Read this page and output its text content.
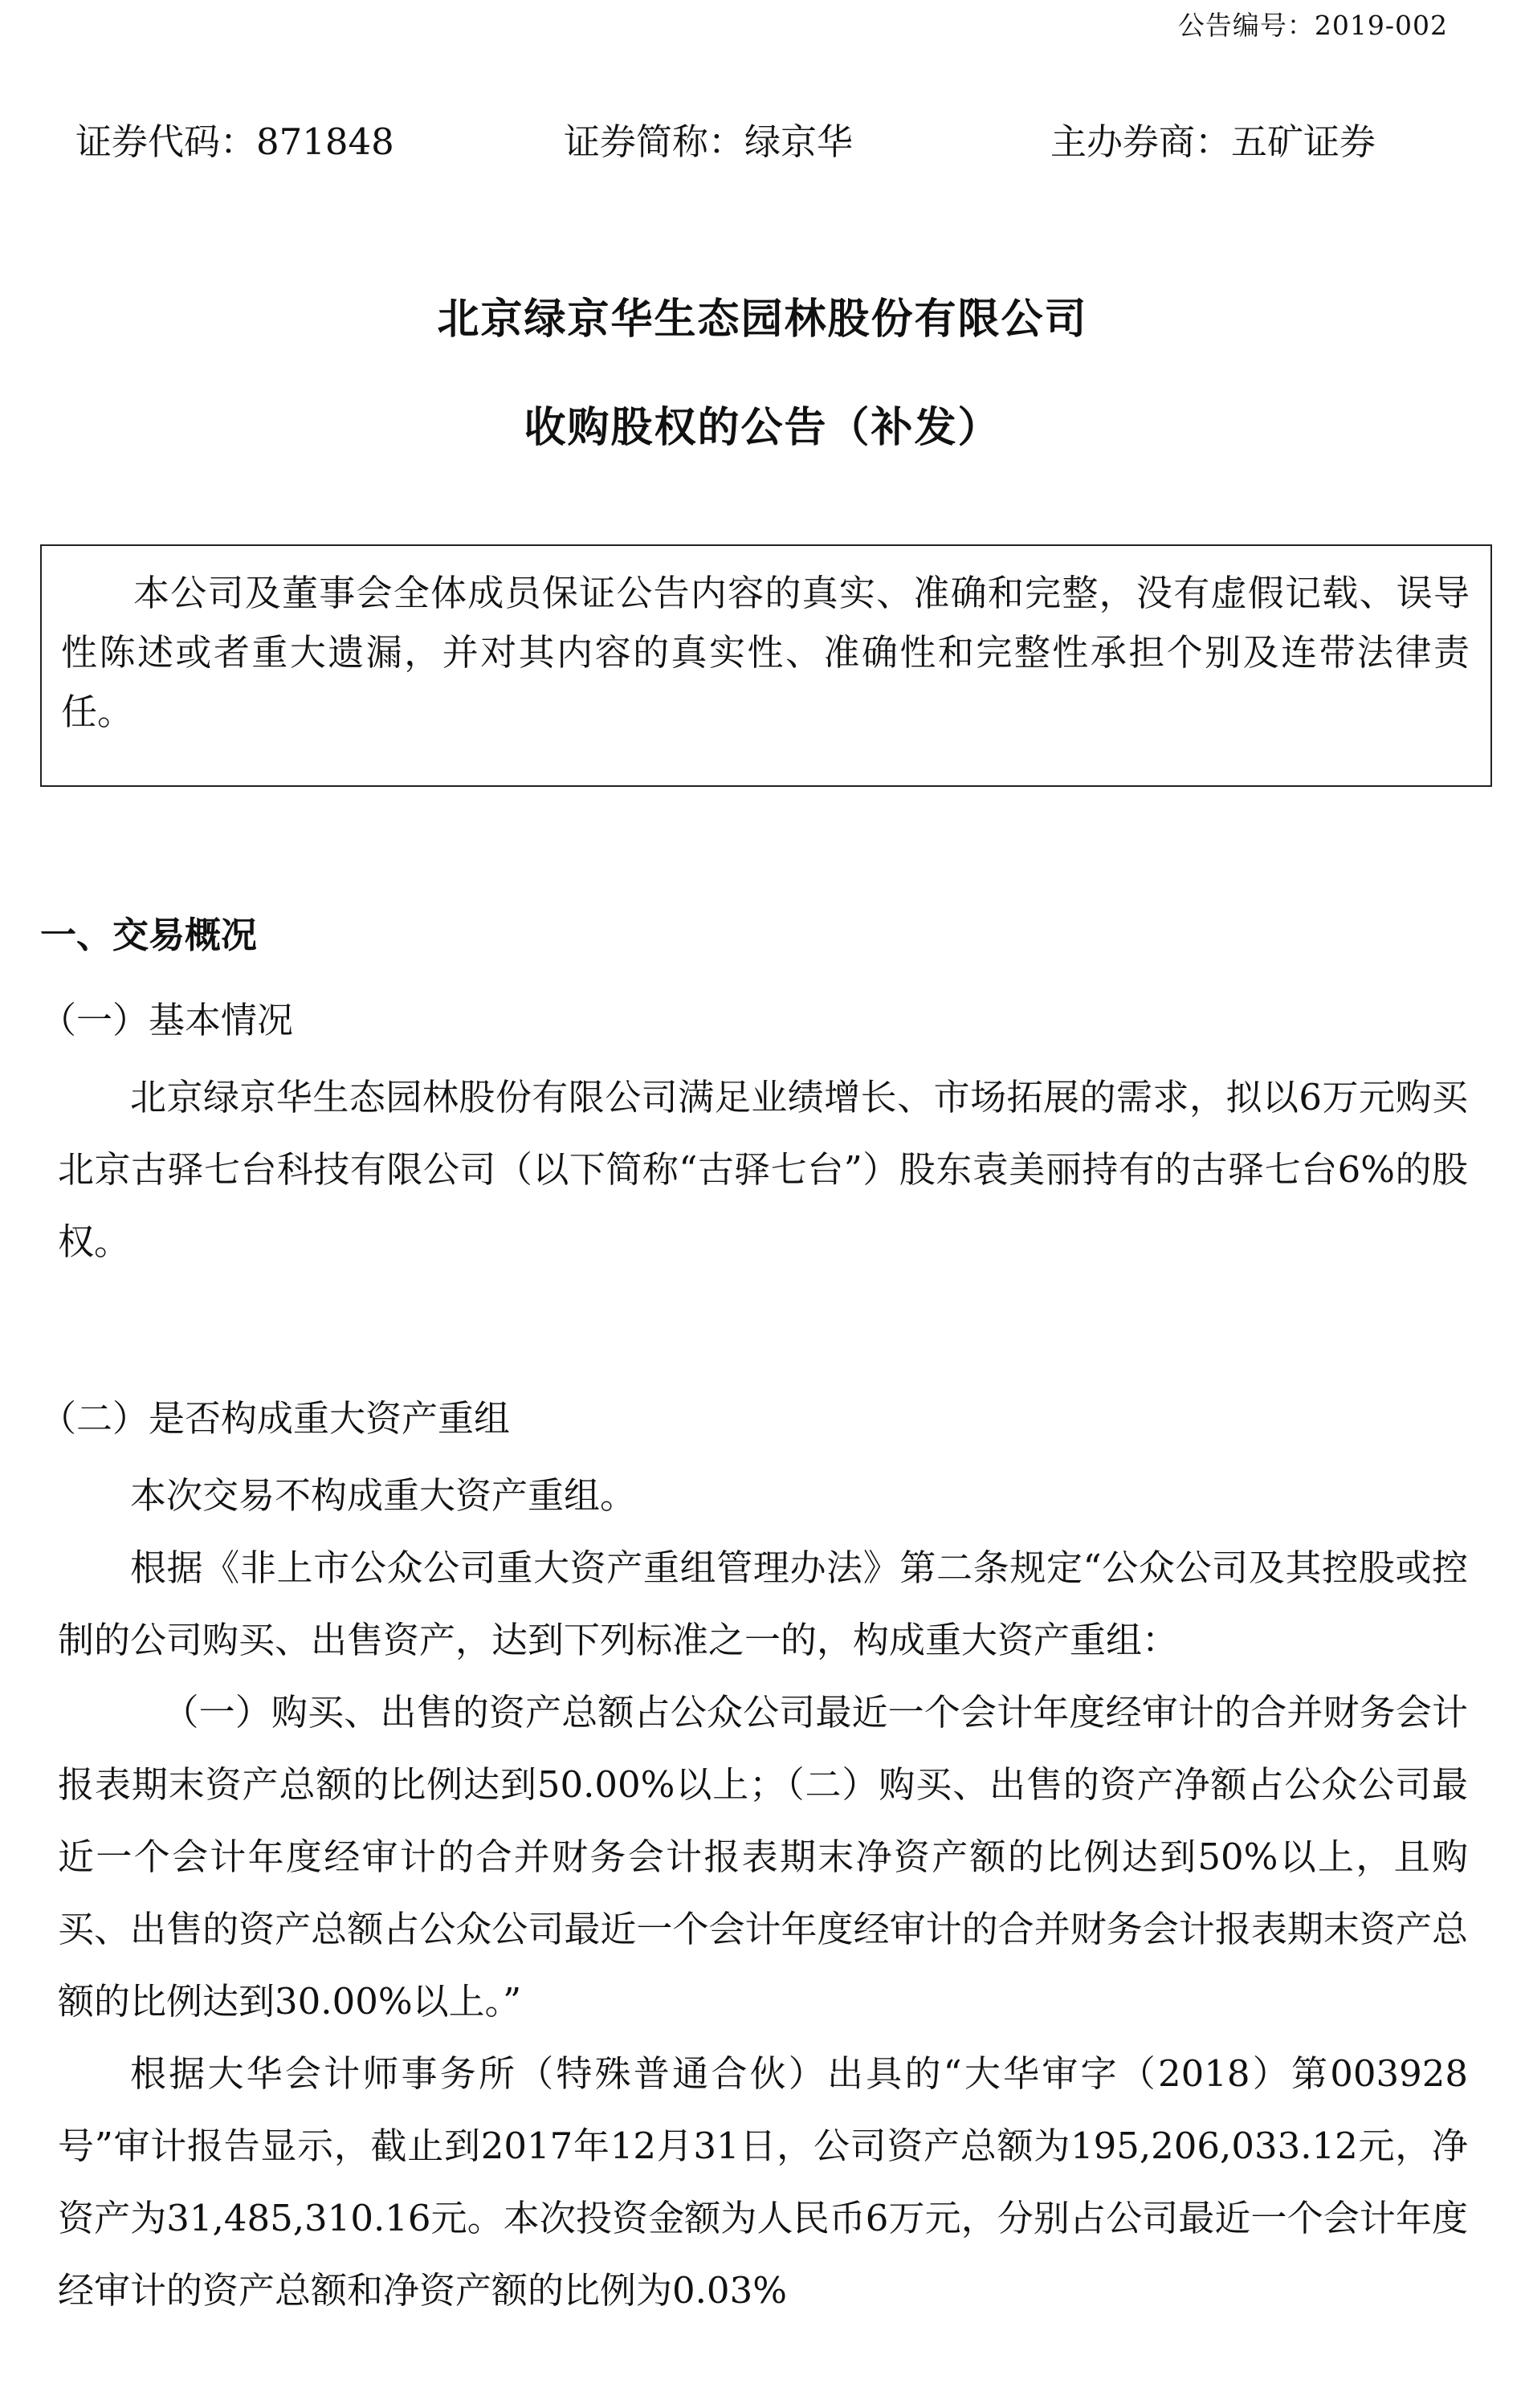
公告编号：2019-002
证券代码：871848	证券简称：绿京华	主办券商：五矿证券
北京绿京华生态园林股份有限公司
收购股权的公告（补发）
本公司及董事会全体成员保证公告内容的真实、准确和完整，没有虚假记载、误导性陈述或者重大遗漏，并对其内容的真实性、准确性和完整性承担个别及连带法律责任。
一、交易概况
（一）基本情况
北京绿京华生态园林股份有限公司满足业绩增长、市场拓展的需求，拟以6万元购买北京古驿七台科技有限公司（以下简称“古驿七台”）股东袁美丽持有的古驿七台6%的股权。
（二）是否构成重大资产重组
本次交易不构成重大资产重组。
根据《非上市公众公司重大资产重组管理办法》第二条规定“公众公司及其控股或控制的公司购买、出售资产，达到下列标准之一的，构成重大资产重组：
（一）购买、出售的资产总额占公众公司最近一个会计年度经审计的合并财务会计报表期末资产总额的比例达到50.00%以上；（二）购买、出售的资产净额占公众公司最近一个会计年度经审计的合并财务会计报表期末净资产额的比例达到50%以上，且购买、出售的资产总额占公众公司最近一个会计年度经审计的合并财务会计报表期末资产总额的比例达到30.00%以上。”
根据大华会计师事务所（特殊普通合伙）出具的“大华审字（2018）第003928号”审计报告显示，截止到2017年12月31日，公司资产总额为195,206,033.12元，净资产为31,485,310.16元。本次投资金额为人民币6万元，分别占公司最近一个会计年度经审计的资产总额和净资产额的比例为0.03%
